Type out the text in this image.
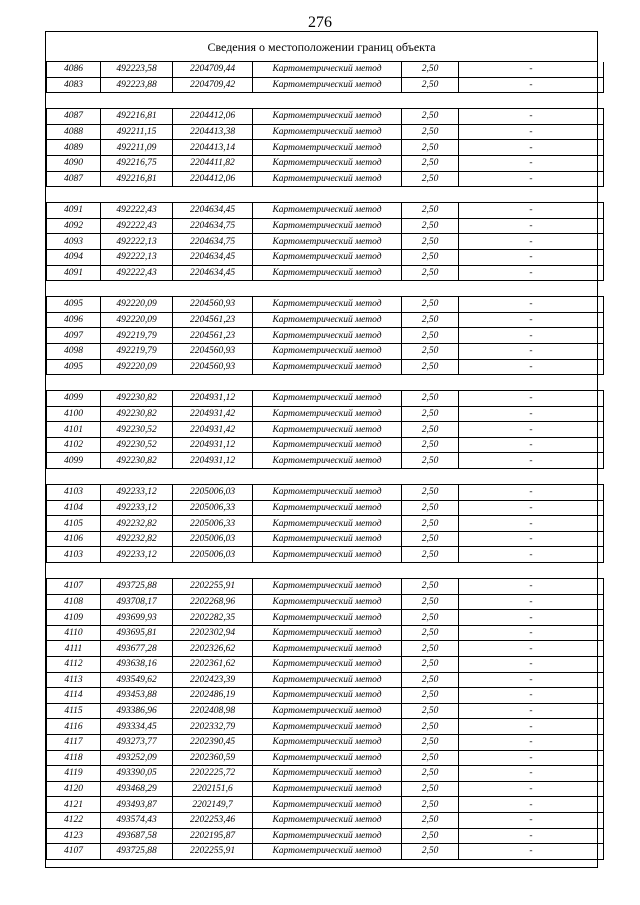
276
Сведения о местоположении границ объекта
4086	492223,58	2204709,44	Картометрический метод	2,50	-
4083	492223,88	2204709,42	Картометрический метод	2,50	-

4087	492216,81	2204412,06	Картометрический метод	2,50	-
4088	492211,15	2204413,38	Картометрический метод	2,50	-
4089	492211,09	2204413,14	Картометрический метод	2,50	-
4090	492216,75	2204411,82	Картометрический метод	2,50	-
4087	492216,81	2204412,06	Картометрический метод	2,50	-

4091	492222,43	2204634,45	Картометрический метод	2,50	-
4092	492222,43	2204634,75	Картометрический метод	2,50	-
4093	492222,13	2204634,75	Картометрический метод	2,50	-
4094	492222,13	2204634,45	Картометрический метод	2,50	-
4091	492222,43	2204634,45	Картометрический метод	2,50	-

4095	492220,09	2204560,93	Картометрический метод	2,50	-
4096	492220,09	2204561,23	Картометрический метод	2,50	-
4097	492219,79	2204561,23	Картометрический метод	2,50	-
4098	492219,79	2204560,93	Картометрический метод	2,50	-
4095	492220,09	2204560,93	Картометрический метод	2,50	-

4099	492230,82	2204931,12	Картометрический метод	2,50	-
4100	492230,82	2204931,42	Картометрический метод	2,50	-
4101	492230,52	2204931,42	Картометрический метод	2,50	-
4102	492230,52	2204931,12	Картометрический метод	2,50	-
4099	492230,82	2204931,12	Картометрический метод	2,50	-

4103	492233,12	2205006,03	Картометрический метод	2,50	-
4104	492233,12	2205006,33	Картометрический метод	2,50	-
4105	492232,82	2205006,33	Картометрический метод	2,50	-
4106	492232,82	2205006,03	Картометрический метод	2,50	-
4103	492233,12	2205006,03	Картометрический метод	2,50	-

4107	493725,88	2202255,91	Картометрический метод	2,50	-
4108	493708,17	2202268,96	Картометрический метод	2,50	-
4109	493699,93	2202282,35	Картометрический метод	2,50	-
4110	493695,81	2202302,94	Картометрический метод	2,50	-
4111	493677,28	2202326,62	Картометрический метод	2,50	-
4112	493638,16	2202361,62	Картометрический метод	2,50	-
4113	493549,62	2202423,39	Картометрический метод	2,50	-
4114	493453,88	2202486,19	Картометрический метод	2,50	-
4115	493386,96	2202408,98	Картометрический метод	2,50	-
4116	493334,45	2202332,79	Картометрический метод	2,50	-
4117	493273,77	2202390,45	Картометрический метод	2,50	-
4118	493252,09	2202360,59	Картометрический метод	2,50	-
4119	493390,05	2202225,72	Картометрический метод	2,50	-
4120	493468,29	2202151,6	Картометрический метод	2,50	-
4121	493493,87	2202149,7	Картометрический метод	2,50	-
4122	493574,43	2202253,46	Картометрический метод	2,50	-
4123	493687,58	2202195,87	Картометрический метод	2,50	-
4107	493725,88	2202255,91	Картометрический метод	2,50	-
